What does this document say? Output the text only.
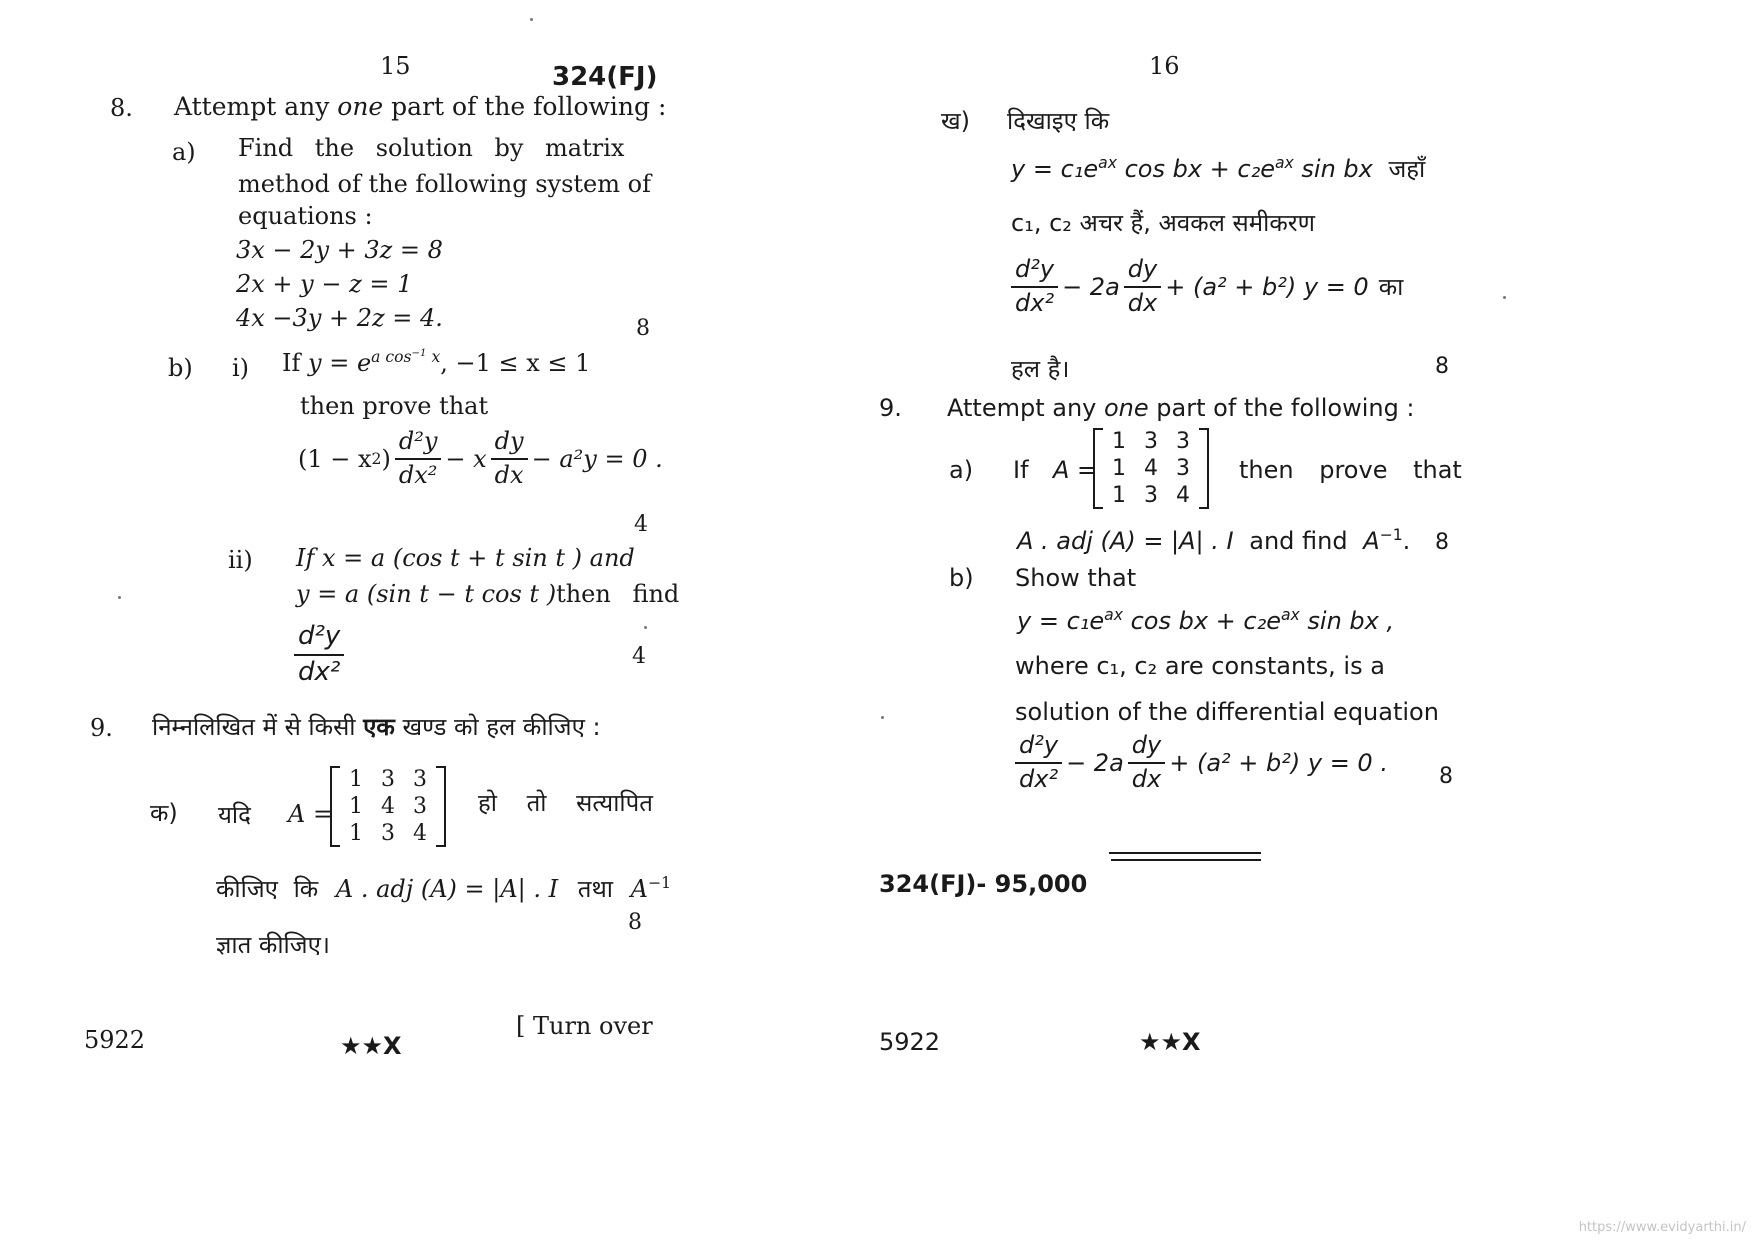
15	324(FJ)
8. Attempt any one part of the following :
a) Find the solution by matrix
method of the following system of
equations :
3x − 2y + 3z = 8
2x + y − z = 1
4x −3y + 2z = 4.	8
b) i) If $y = e^{a cos^{-1} x}$, −1 ≤ x ≤ 1
then prove that
(1 − x 2 ) $\frac{\text{d²y}}{\text{dx²}} - x \frac{dy}{dx} - a^2y = 0$ .
4
ii) If x = a (cos t + t sin t ) and
y = a (sin t − t cos t ) then find
$\frac{\text{d²y}}{\text{dx²}}$	4
9. निम्नलिखित में से किसी एक खण्ड को हल कीजिए :
क) यदि A =
1	3	3
1	4	3
1	3	4
हो तो सत्यापित
कीजिए कि A . adj (A) = |A| . I तथा $A^{-1}$
8
ज्ञात कीजिए।
5922	★★X
[ Turn over
16
ख) दिखाइए कि
$y = c_1e^{ax}$ cos bx + $c_2e^{ax}$ sin bx जहाँ
c₁, c₂ अचर हैं, अवकल समीकरण
$\frac{\text{d²y}}{\text{dx²}} - 2a \frac{dy}{dx} + (a^2 + b^2) y = 0$ का
हल है।	8
9. Attempt any one part of the following :
a) If A =
1	3	3
1	4	3
1	3	4
then prove that
A . adj (A) = |A| . I and find $A^{-1}$. 8
b) Show that
$y = c_1e^{ax}$ cos bx + $c_2e^{ax}$ sin bx ,
where c₁, c₂ are constants, is a
solution of the differential equation
$\frac{\text{d²y}}{\text{dx²}} - 2a \frac{dy}{dx} + (a^2 + b^2) y = 0$ . 8
324(FJ)- 95,000
5922	★★X
https://www.evidyarthi.in/
